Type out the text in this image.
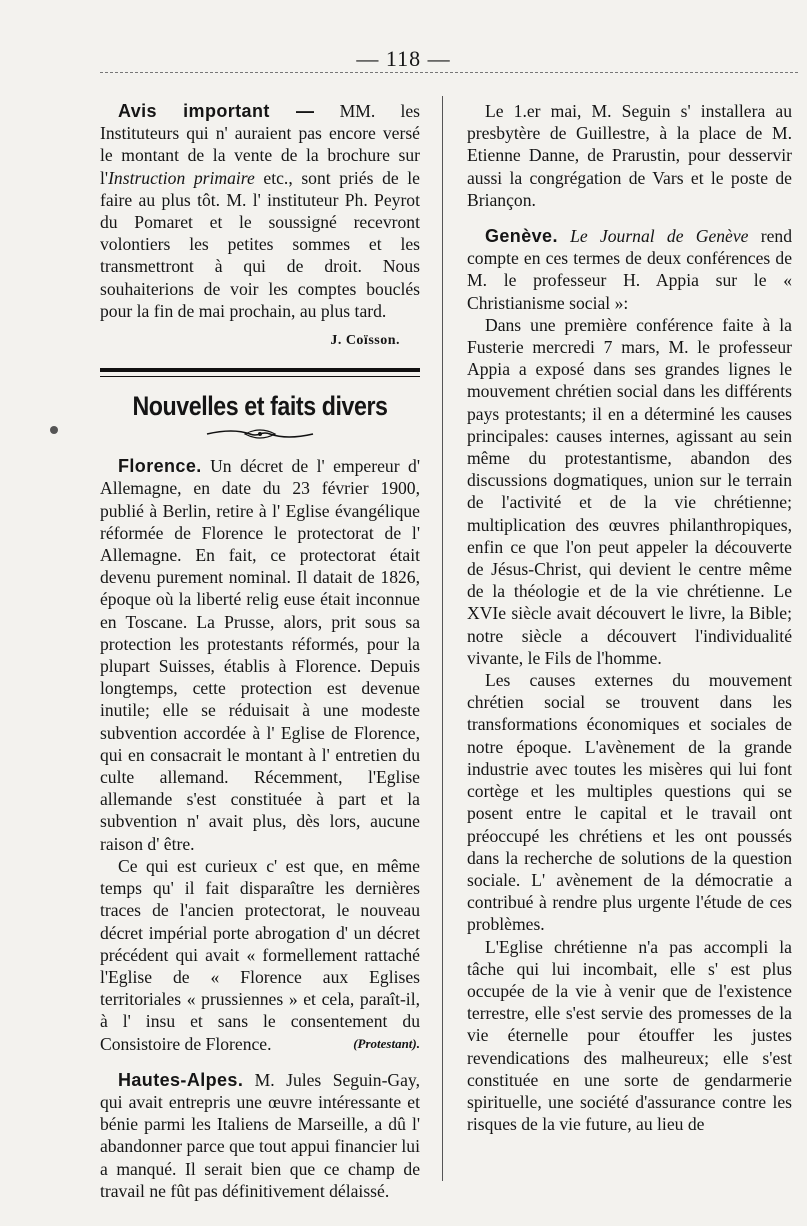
— 118 —

Avis important — MM. les Instituteurs qui n' auraient pas encore versé le montant de la vente de la brochure sur l'Instruction primaire etc., sont priés de le faire au plus tôt. M. l' instituteur Ph. Peyrot du Pomaret et le soussigné recevront volontiers les petites sommes et les transmettront à qui de droit. Nous souhaiterions de voir les comptes bouclés pour la fin de mai prochain, au plus tard.

J. Coïsson.
Nouvelles et faits divers

Florence. Un décret de l' empereur d' Allemagne, en date du 23 février 1900, publié à Berlin, retire à l' Eglise évangélique réformée de Florence le protectorat de l' Allemagne. En fait, ce protectorat était devenu purement nominal. Il datait de 1826, époque où la liberté relig euse était inconnue en Toscane. La Prusse, alors, prit sous sa protection les protestants réformés, pour la plupart Suisses, établis à Florence. Depuis longtemps, cette protection est devenue inutile; elle se réduisait à une modeste subvention accordée à l' Eglise de Florence, qui en consacrait le montant à l' entretien du culte allemand. Récemment, l'Eglise allemande s'est constituée à part et la subvention n' avait plus, dès lors, aucune raison d' être.

Ce qui est curieux c' est que, en même temps qu' il fait disparaître les dernières traces de l'ancien protectorat, le nouveau décret impérial porte abrogation d' un décret précédent qui avait « formellement rattaché l'Eglise de « Florence aux Eglises territoriales « prussiennes » et cela, paraît-il, à l' insu et sans le consentement du Consistoire de Florence.	(Protestant).

Hautes-Alpes. M. Jules Seguin-Gay, qui avait entrepris une œuvre intéressante et bénie parmi les Italiens de Marseille, a dû l' abandonner parce que tout appui financier lui a manqué. Il serait bien que ce champ de travail ne fût pas définitivement délaissé.

Le 1.er mai, M. Seguin s' installera au presbytère de Guillestre, à la place de M. Etienne Danne, de Prarustin, pour desservir aussi la congrégation de Vars et le poste de Briançon.

Genève. Le Journal de Genève rend compte en ces termes de deux conférences de M. le professeur H. Appia sur le « Christianisme social »:

Dans une première conférence faite à la Fusterie mercredi 7 mars, M. le professeur Appia a exposé dans ses grandes lignes le mouvement chrétien social dans les différents pays protestants; il en a déterminé les causes principales: causes internes, agissant au sein même du protestantisme, abandon des discussions dogmatiques, union sur le terrain de l'activité et de la vie chrétienne; multiplication des œuvres philanthropiques, enfin ce que l'on peut appeler la découverte de Jésus-Christ, qui devient le centre même de la théologie et de la vie chrétienne. Le XVIe siècle avait découvert le livre, la Bible; notre siècle a découvert l'individualité vivante, le Fils de l'homme.

Les causes externes du mouvement chrétien social se trouvent dans les transformations économiques et sociales de notre époque. L'avènement de la grande industrie avec toutes les misères qui lui font cortège et les multiples questions qui se posent entre le capital et le travail ont préoccupé les chrétiens et les ont poussés dans la recherche de solutions de la question sociale. L' avènement de la démocratie a contribué à rendre plus urgente l'étude de ces problèmes.

L'Eglise chrétienne n'a pas accompli la tâche qui lui incombait, elle s' est plus occupée de la vie à venir que de l'existence terrestre, elle s'est servie des promesses de la vie éternelle pour étouffer les justes revendications des malheureux; elle s'est constituée en une sorte de gendarmerie spirituelle, une société d'assurance contre les risques de la vie future, au lieu de
